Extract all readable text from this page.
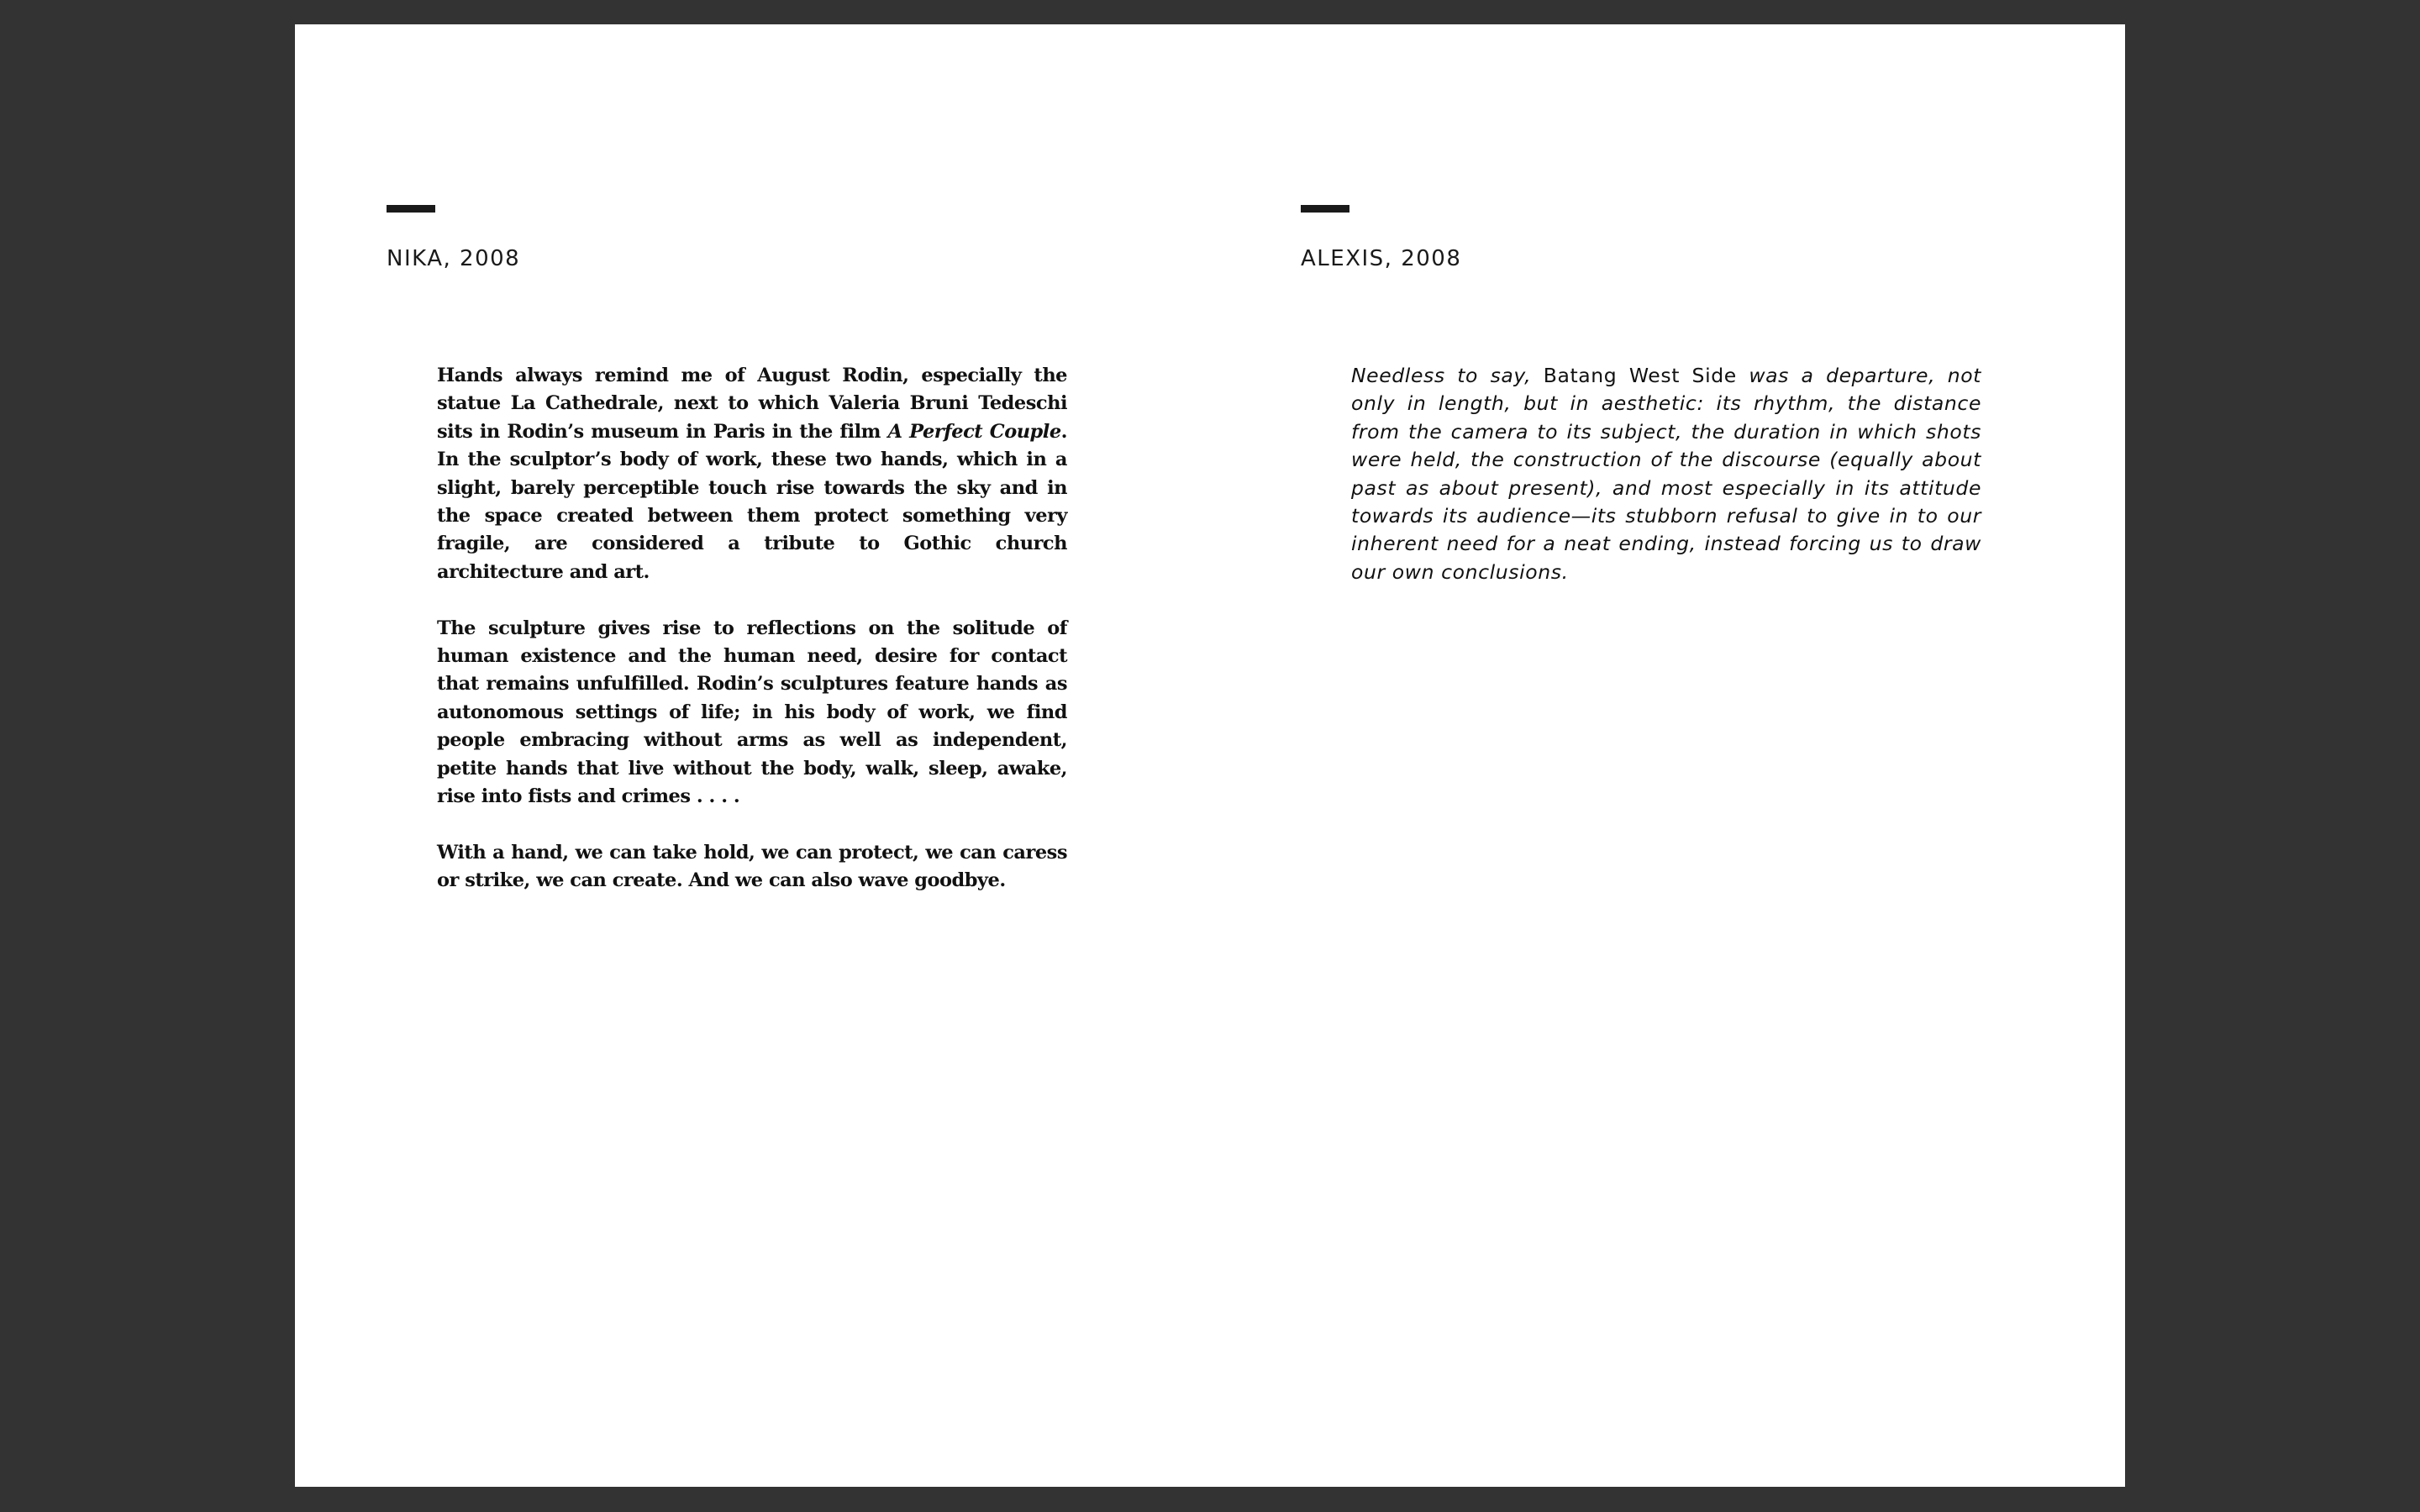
NIKA, 2008

Hands always remind me of August Rodin, especially the statue La Cathedrale, next to which Valeria Bruni Tedeschi sits in Rodin’s museum in Paris in the film A Perfect Couple. In the sculptor’s body of work, these two hands, which in a slight, barely perceptible touch rise towards the sky and in the space created between them protect something very fragile, are considered a tribute to Gothic church architecture and art.

The sculpture gives rise to reflections on the solitude of human existence and the human need, desire for contact that remains unfulfilled. Rodin’s sculptures feature hands as autonomous settings of life; in his body of work, we find people embracing without arms as well as independent, petite hands that live without the body, walk, sleep, awake, rise into fists and crimes . . . .

With a hand, we can take hold, we can protect, we can caress or strike, we can create. And we can also wave goodbye.

ALEXIS, 2008

Needless to say, Batang West Side was a departure, not only in length, but in aesthetic: its rhythm, the distance from the camera to its subject, the duration in which shots were held, the construction of the discourse (equally about past as about present), and most especially in its attitude towards its audience—its stubborn refusal to give in to our inherent need for a neat ending, instead forcing us to draw our own conclusions.
